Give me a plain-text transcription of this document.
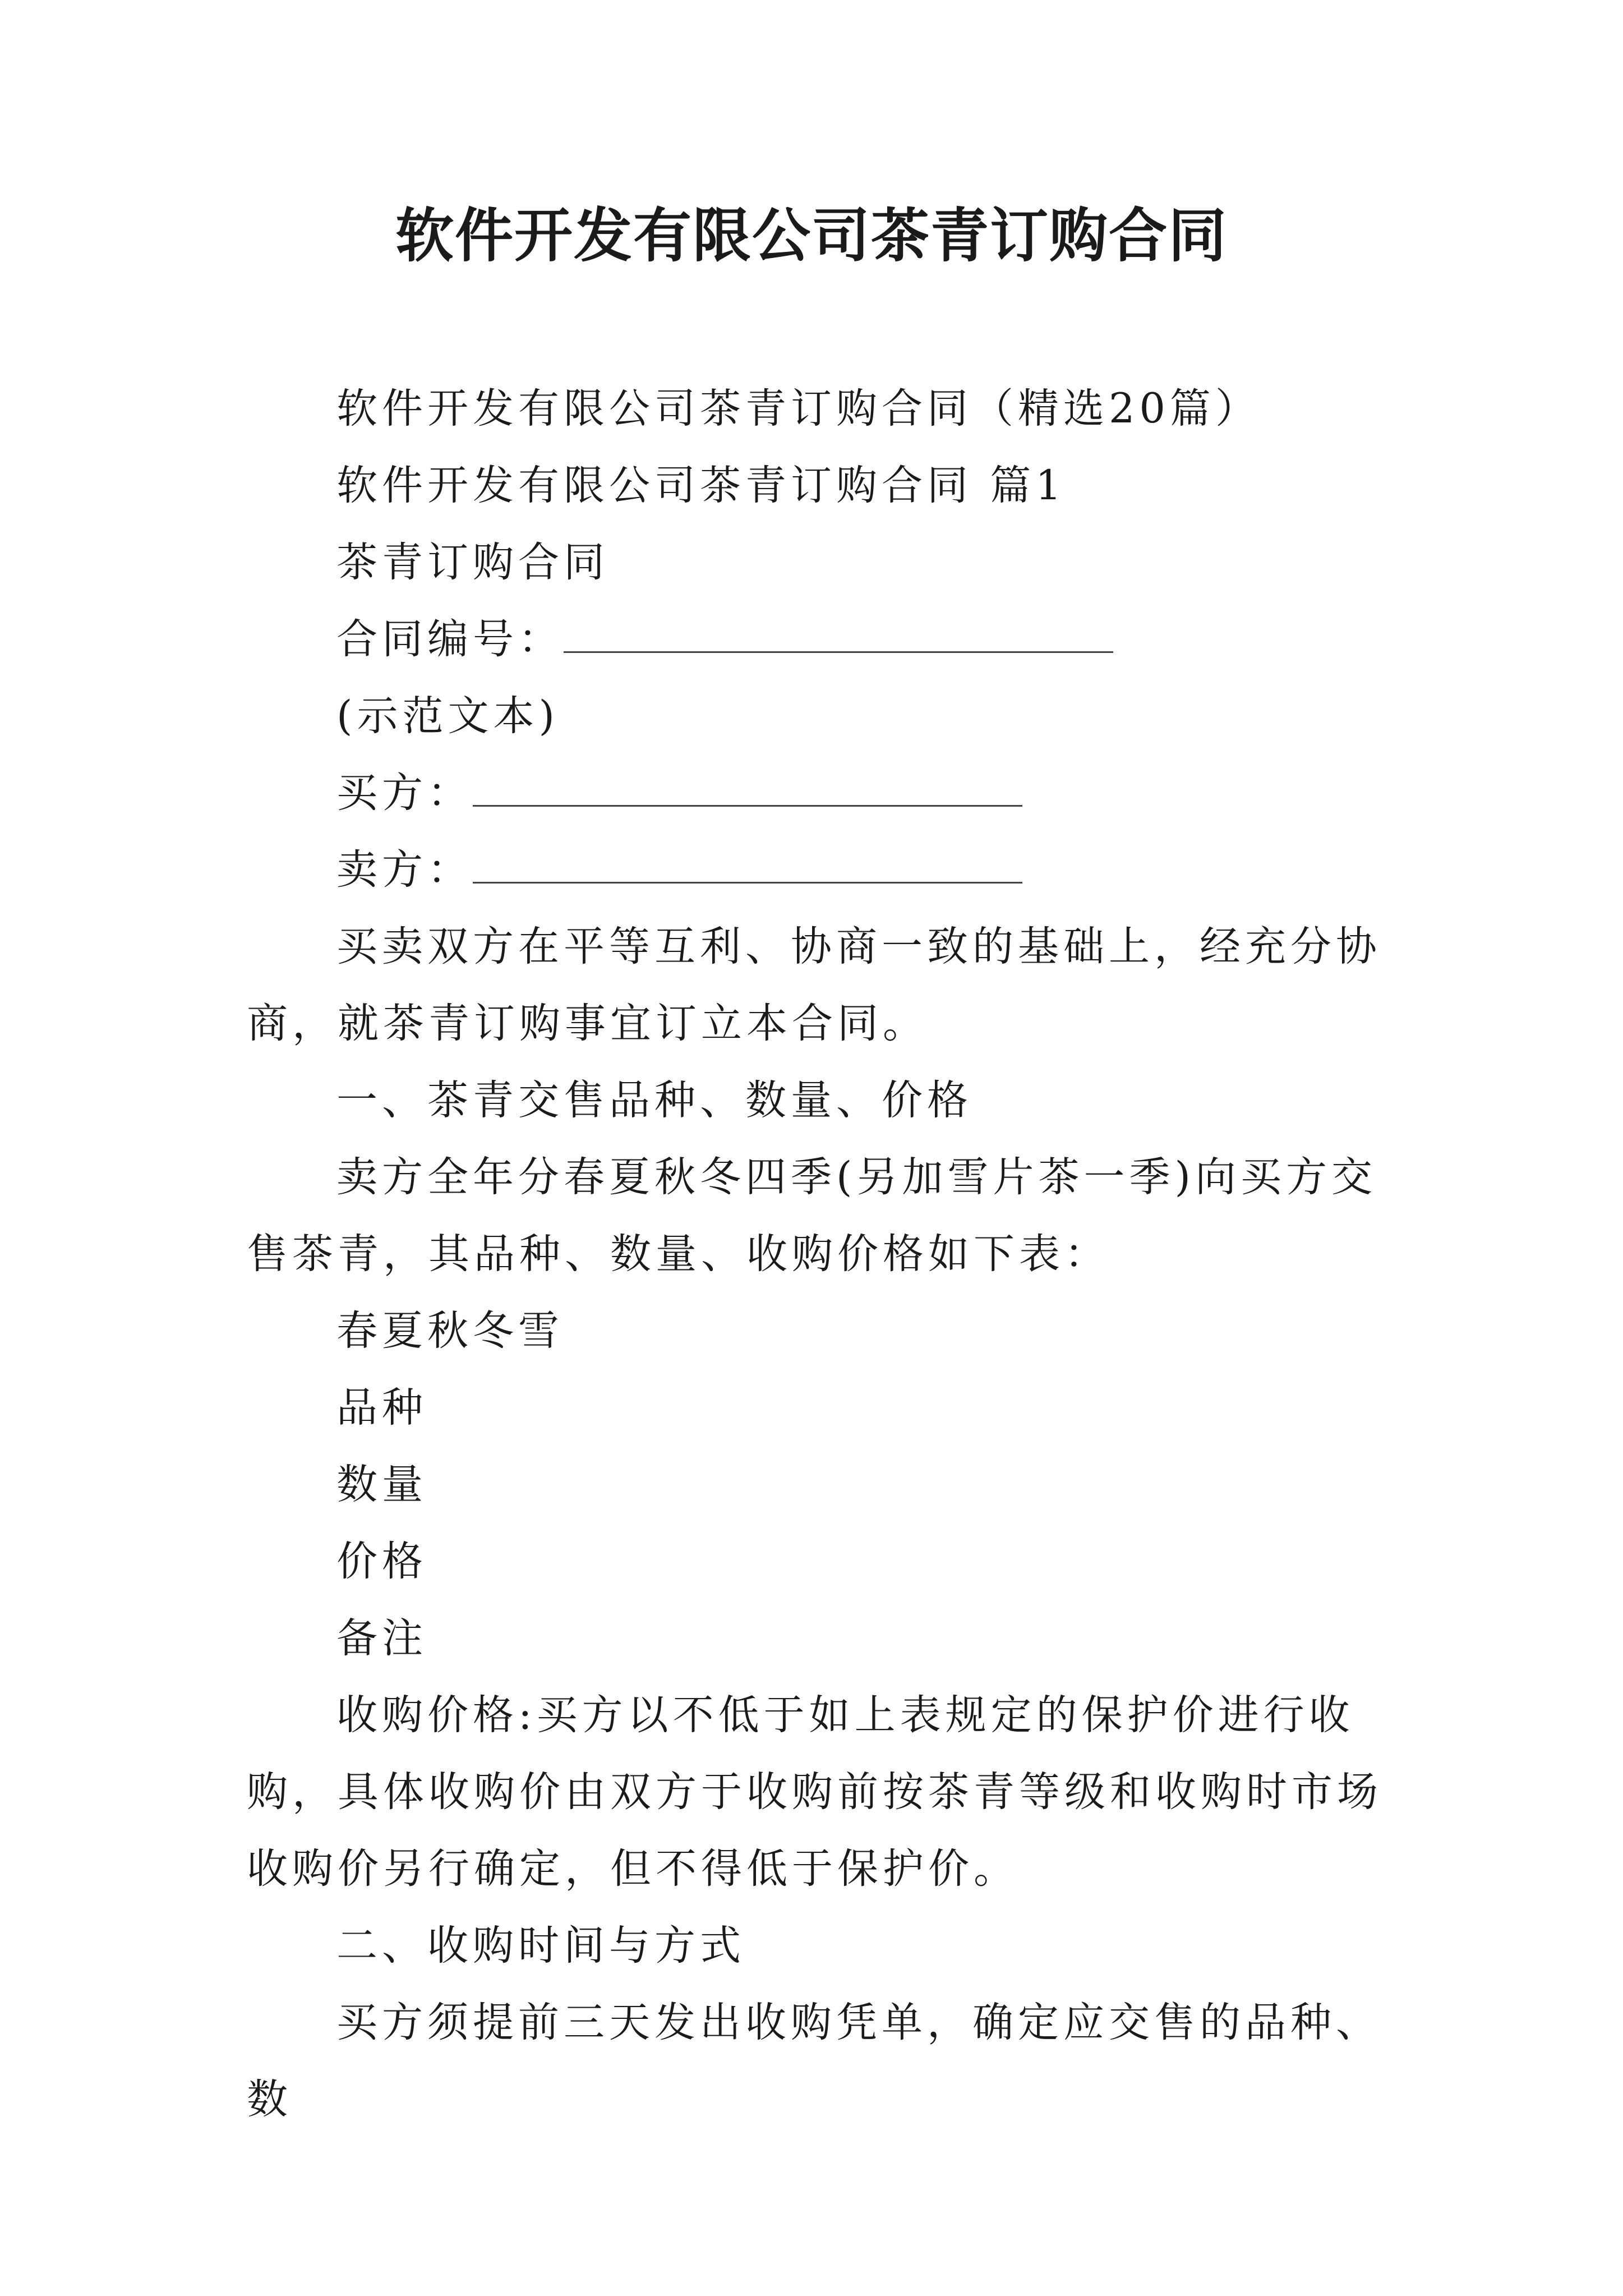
软件开发有限公司茶青订购合同

软件开发有限公司茶青订购合同（精选20篇）

软件开发有限公司茶青订购合同 篇1

茶青订购合同

合同编号：

(示范文本)

买方：

卖方：

买卖双方在平等互利、协商一致的基础上，经充分协商，就茶青订购事宜订立本合同。

一、茶青交售品种、数量、价格

卖方全年分春夏秋冬四季(另加雪片茶一季)向买方交售茶青，其品种、数量、收购价格如下表：

春夏秋冬雪

品种

数量

价格

备注

收购价格:买方以不低于如上表规定的保护价进行收购，具体收购价由双方于收购前按茶青等级和收购时市场收购价另行确定，但不得低于保护价。

二、收购时间与方式

买方须提前三天发出收购凭单，确定应交售的品种、数
